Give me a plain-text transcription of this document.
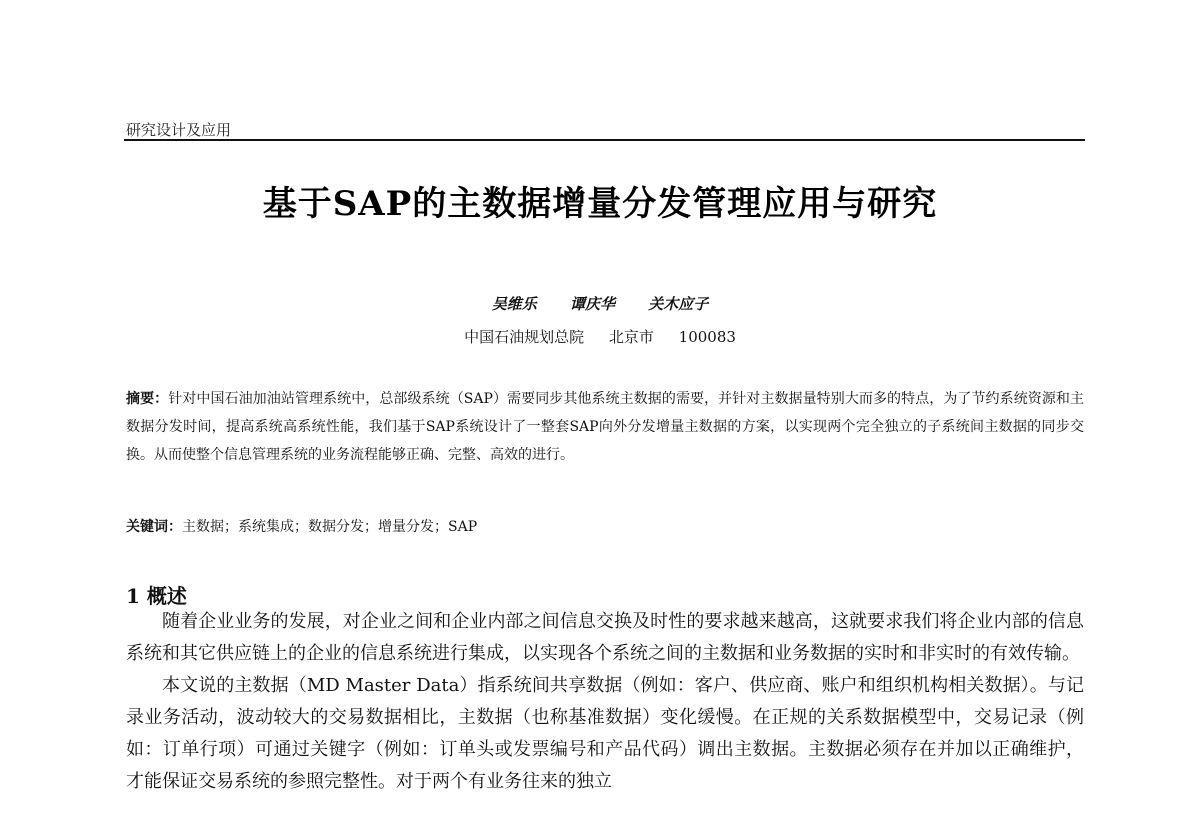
研究设计及应用
基于SAP的主数据增量分发管理应用与研究
吴维乐 谭庆华 关木应子
中国石油规划总院 北京市 100083
摘要：针对中国石油加油站管理系统中，总部级系统（SAP）需要同步其他系统主数据的需要，并针对主数据量特别大而多的特点，为了节约系统资源和主数据分发时间，提高系统高系统性能，我们基于SAP系统设计了一整套SAP向外分发增量主数据的方案，以实现两个完全独立的子系统间主数据的同步交换。从而使整个信息管理系统的业务流程能够正确、完整、高效的进行。
关键词：主数据；系统集成；数据分发；增量分发；SAP
1 概述

随着企业业务的发展，对企业之间和企业内部之间信息交换及时性的要求越来越高，这就要求我们将企业内部的信息系统和其它供应链上的企业的信息系统进行集成，以实现各个系统之间的主数据和业务数据的实时和非实时的有效传输。

本文说的主数据（MD Master Data）指系统间共享数据（例如：客户、供应商、账户和组织机构相关数据）。与记录业务活动，波动较大的交易数据相比，主数据（也称基准数据）变化缓慢。在正规的关系数据模型中，交易记录（例如：订单行项）可通过关键字（例如：订单头或发票编号和产品代码）调出主数据。主数据必须存在并加以正确维护， 才能保证交易系统的参照完整性。对于两个有业务往来的独立
